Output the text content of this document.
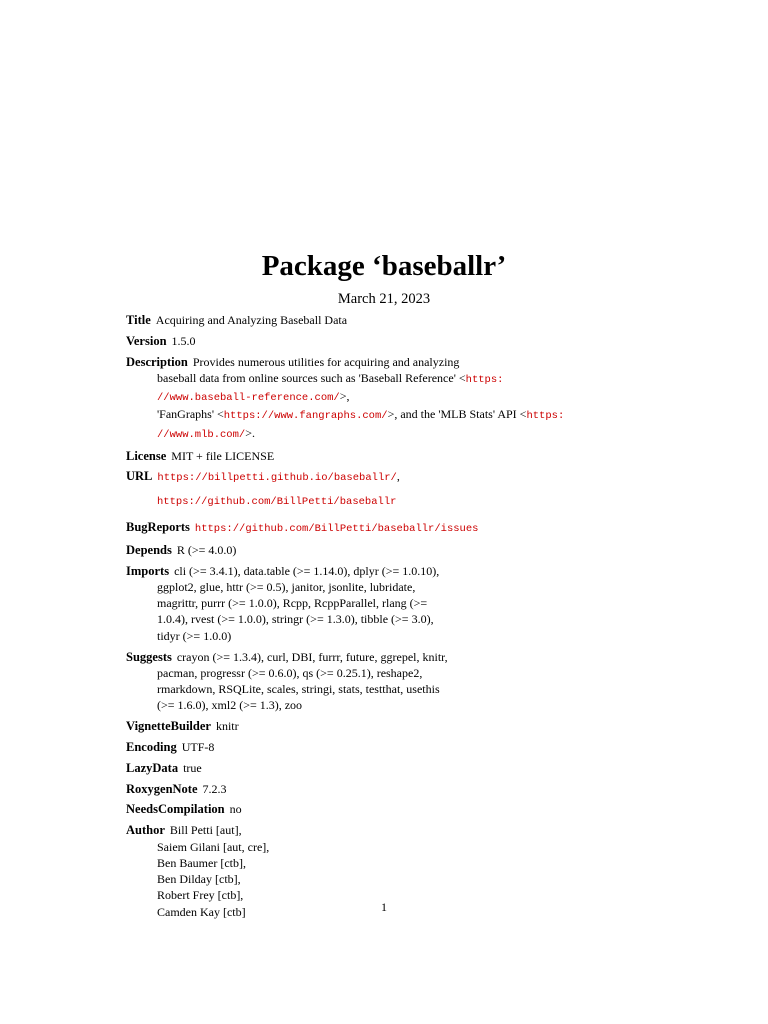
Package ‘baseballr’
March 21, 2023
Title Acquiring and Analyzing Baseball Data
Version 1.5.0
Description Provides numerous utilities for acquiring and analyzing
baseball data from online sources such as 'Baseball Reference' <https:
//www.baseball-reference.com/>,
'FanGraphs' <https://www.fangraphs.com/>, and the 'MLB Stats' API <https:
//www.mlb.com/>.
License MIT + file LICENSE
URL https://billpetti.github.io/baseballr/,
https://github.com/BillPetti/baseballr
BugReports https://github.com/BillPetti/baseballr/issues
Depends R (>= 4.0.0)
Imports cli (>= 3.4.1), data.table (>= 1.14.0), dplyr (>= 1.0.10),
ggplot2, glue, httr (>= 0.5), janitor, jsonlite, lubridate,
magrittr, purrr (>= 1.0.0), Rcpp, RcppParallel, rlang (>=
1.0.4), rvest (>= 1.0.0), stringr (>= 1.3.0), tibble (>= 3.0),
tidyr (>= 1.0.0)
Suggests crayon (>= 1.3.4), curl, DBI, furrr, future, ggrepel, knitr,
pacman, progressr (>= 0.6.0), qs (>= 0.25.1), reshape2,
rmarkdown, RSQLite, scales, stringi, stats, testthat, usethis
(>= 1.6.0), xml2 (>= 1.3), zoo
VignetteBuilder knitr
Encoding UTF-8
LazyData true
RoxygenNote 7.2.3
NeedsCompilation no
Author Bill Petti [aut],
Saiem Gilani [aut, cre],
Ben Baumer [ctb],
Ben Dilday [ctb],
Robert Frey [ctb],
Camden Kay [ctb]	1
